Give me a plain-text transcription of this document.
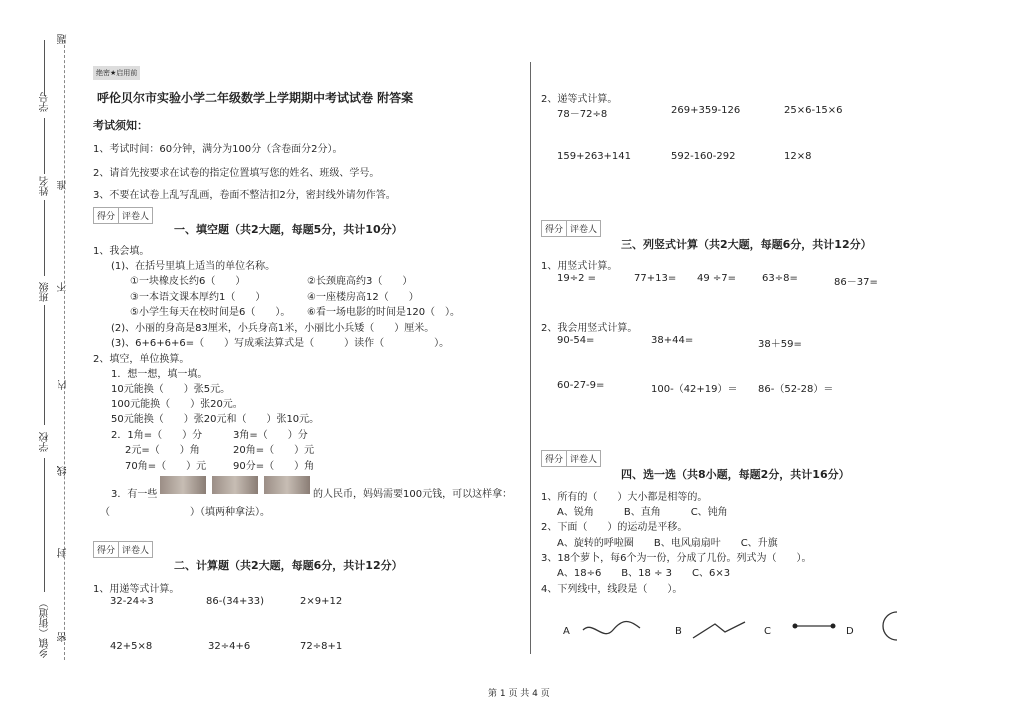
题
学号
准
姓名
不
班级
内
学校
线
封
乡镇（街道） 密
绝密★启用前
呼伦贝尔市实验小学二年级数学上学期期中考试试卷 附答案
考试须知：
1、考试时间：60分钟，满分为100分（含卷面分2分）。
2、请首先按要求在试卷的指定位置填写您的姓名、班级、学号。
3、不要在试卷上乱写乱画，卷面不整洁扣2分，密封线外请勿作答。
得分 评卷人
一、填空题（共2大题，每题5分，共计10分）
1、我会填。
(1)、在括号里填上适当的单位名称。
①一块橡皮长约6（　　）	②长颈鹿高约3（　　）
③一本语文课本厚约1（　　）	④一座楼房高12（　　）
⑤小学生每天在校时间是6（　　）。 ⑥看一场电影的时间是120（　）。
(2)、小丽的身高是83厘米，小兵身高1米，小丽比小兵矮（　　）厘米。
(3)、6+6+6+6=（　　）写成乘法算式是（　　　）读作（　　　　　）。
2、填空，单位换算。
1．想一想，填一填。
10元能换（　　）张5元。
100元能换（　　）张20元。
50元能换（　　）张20元和（　　）张10元。
2．1角=（　　）分	3角=（　　）分
2元=（　　）角	20角=（　　）元
70角=（　　）元	90分=（　　）角
3．有一些	的人民币，妈妈需要100元钱，可以这样拿：
（　　　　　　　　）（填两种拿法）。
得分 评卷人
二、计算题（共2大题，每题6分，共计12分）
1、用递等式计算。
32-24÷3	86-(34+33)	2×9+12
42+5×8	32÷4+6	72÷8+1
2、递等式计算。
78－72÷8	269+359-126	25×6-15×6
159+263+141	592-160-292	12×8
得分 评卷人
三、列竖式计算（共2大题，每题6分，共计12分）
1、用竖式计算。
19÷2 =	77+13= 49 ÷7=	63÷8=	86－37=
2、我会用竖式计算。
90-54=	38+44=	38＋59=
60-27-9=	100-（42+19）＝ 86-（52-28）＝
得分 评卷人
四、选一选（共8小题，每题2分，共计16分）
1、所有的（　　）大小都是相等的。
A、锐角　　　B、直角　　　C、钝角
2、下面（　　）的运动是平移。
A、旋转的呼啦圈　　B、电风扇扇叶　　C、升旗
3、18个萝卜，每6个为一份，分成了几份。列式为（　　）。
A、18÷6　　B、18 ÷ 3　　C、6×3
4、下列线中，线段是（　　）。
A	B	C	D
第 1 页 共 4 页
